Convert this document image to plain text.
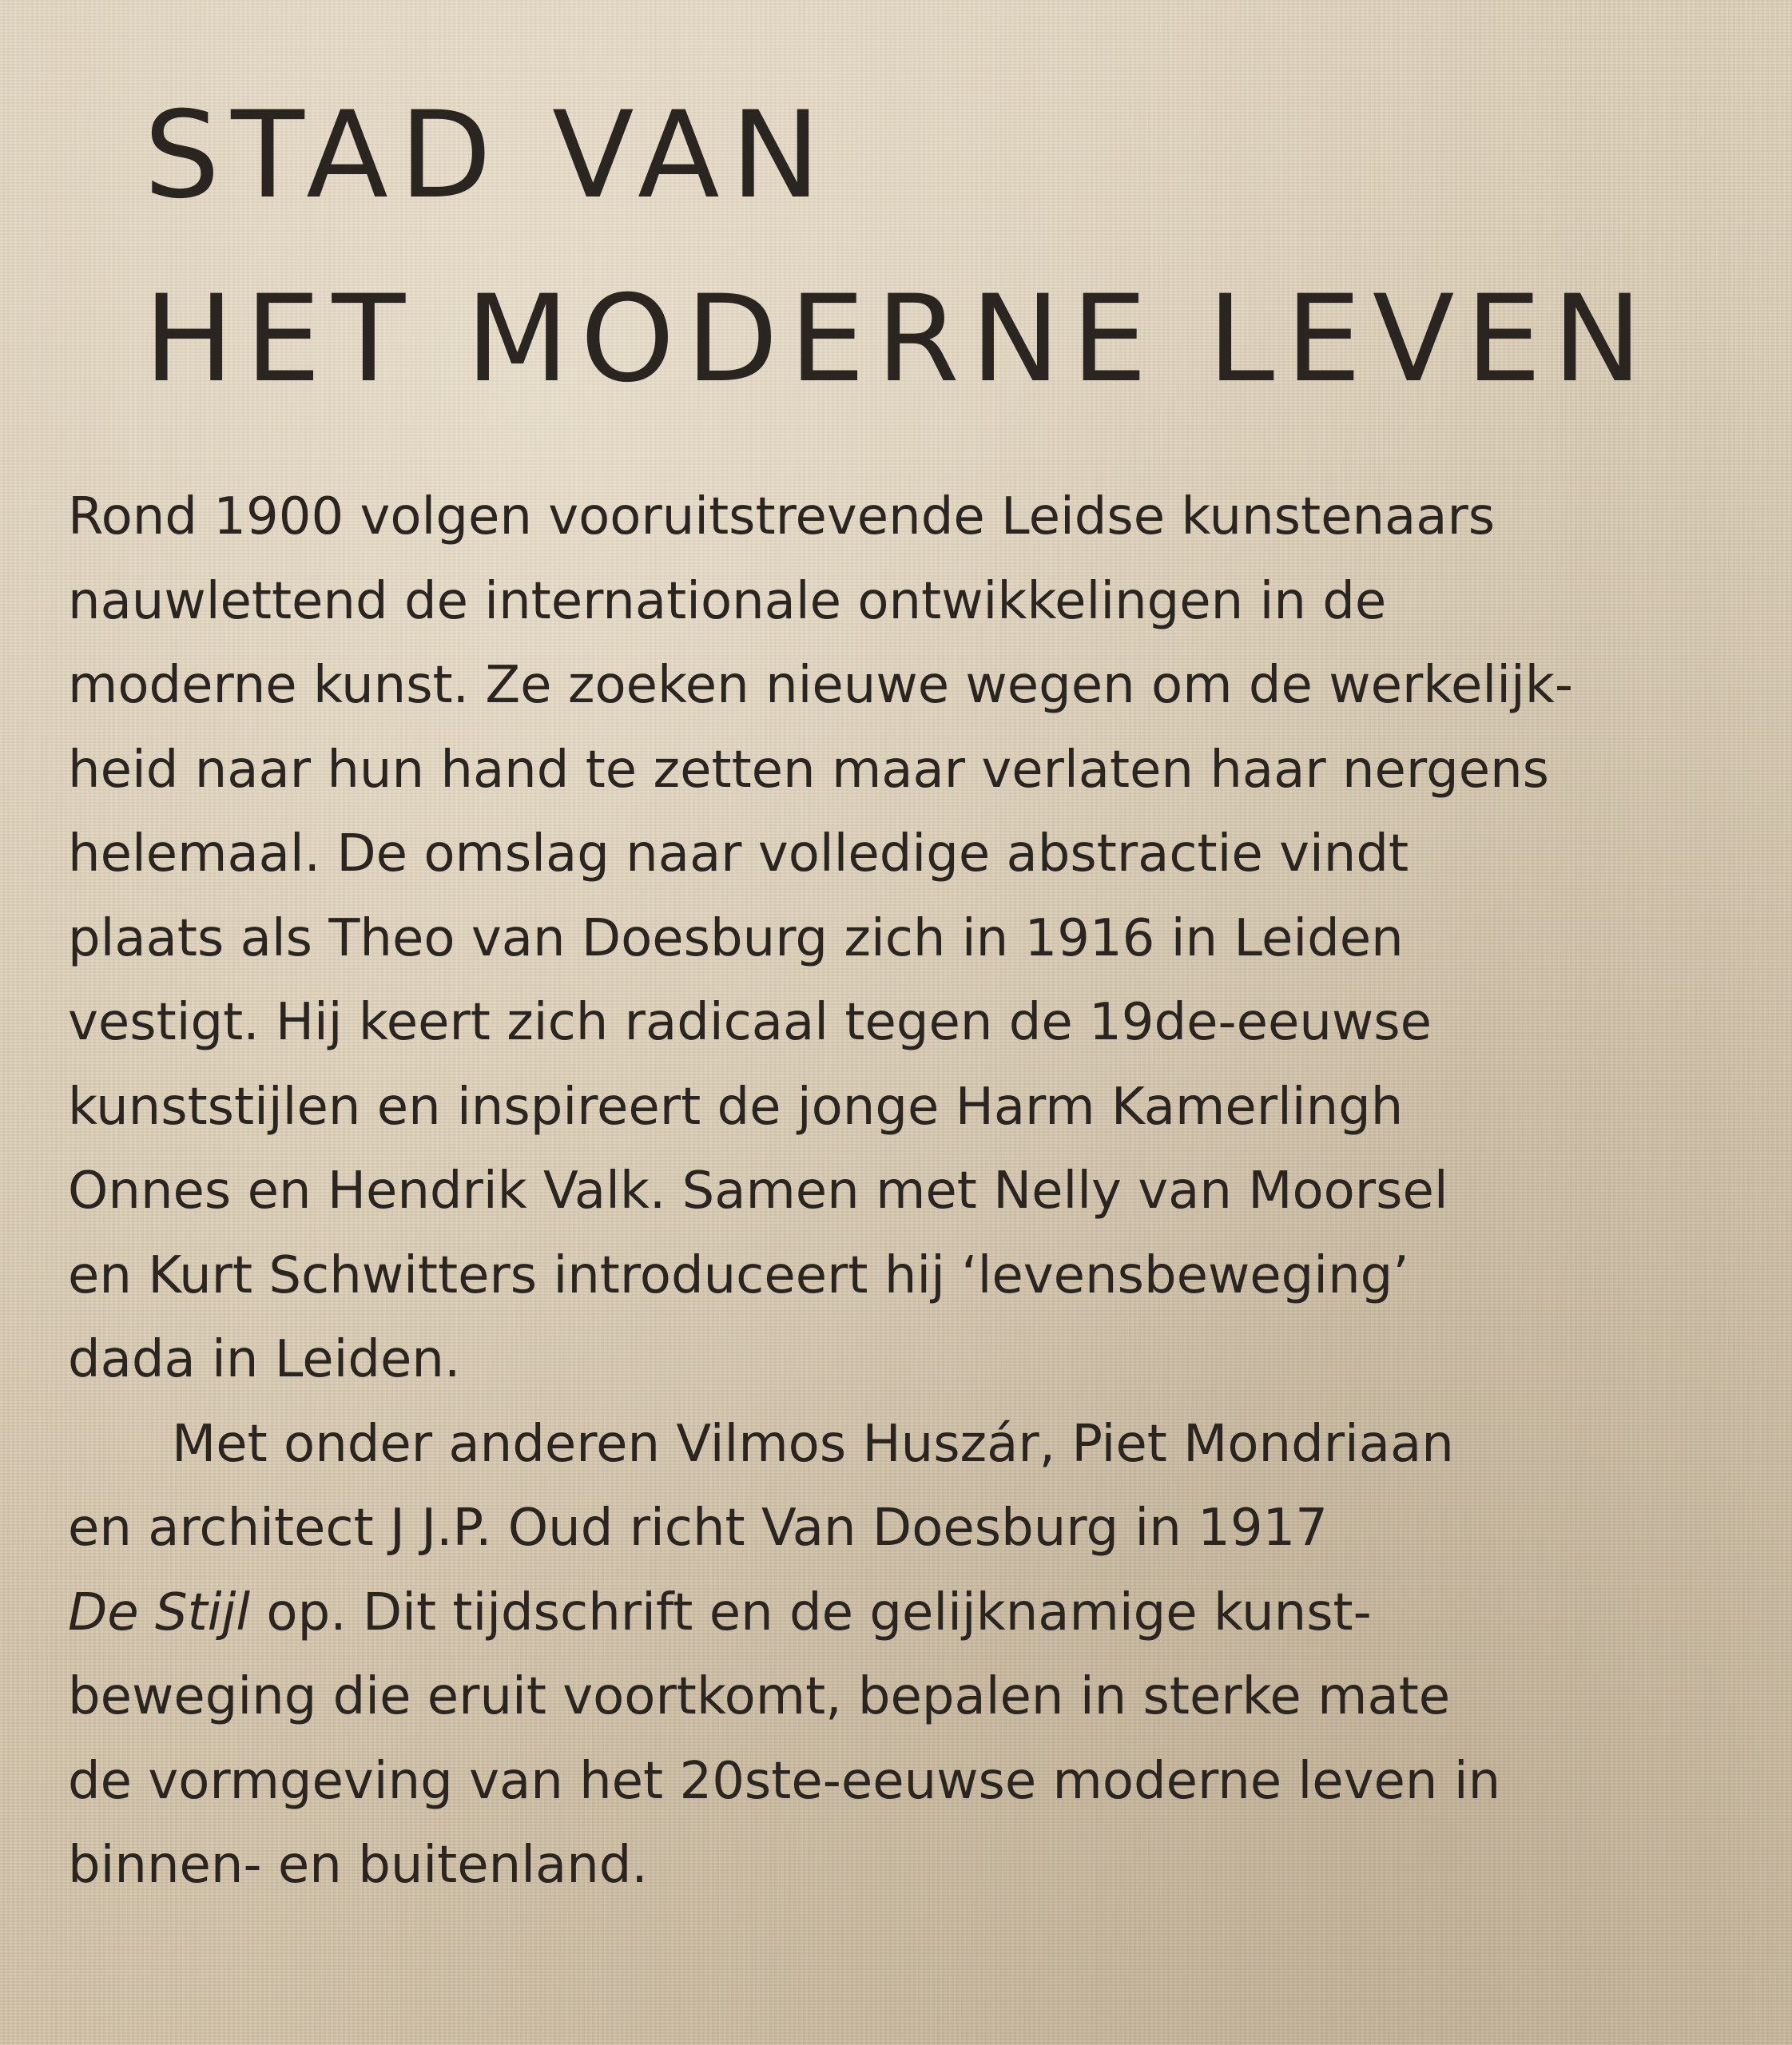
STAD VAN
HET MODERNE LEVEN
Rond 1900 volgen vooruitstrevende Leidse kunstenaars
nauwlettend de internationale ontwikkelingen in de
moderne kunst. Ze zoeken nieuwe wegen om de werkelijk-
heid naar hun hand te zetten maar verlaten haar nergens
helemaal. De omslag naar volledige abstractie vindt
plaats als Theo van Doesburg zich in 1916 in Leiden
vestigt. Hij keert zich radicaal tegen de 19de-eeuwse
kunststijlen en inspireert de jonge Harm Kamerlingh
Onnes en Hendrik Valk. Samen met Nelly van Moorsel
en Kurt Schwitters introduceert hij ‘levensbeweging’
dada in Leiden.
Met onder anderen Vilmos Huszár, Piet Mondriaan
en architect J J.P. Oud richt Van Doesburg in 1917
De Stijl op. Dit tijdschrift en de gelijknamige kunst-
beweging die eruit voortkomt, bepalen in sterke mate
de vormgeving van het 20ste-eeuwse moderne leven in
binnen- en buitenland.
